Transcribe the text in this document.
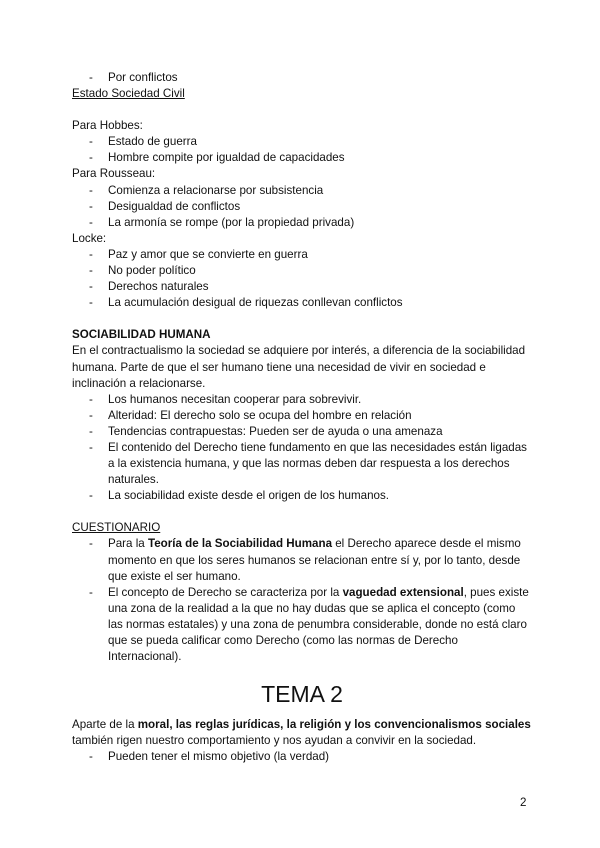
- Por conflictos

Estado Sociedad Civil

Para Hobbes:

- Estado de guerra
- Hombre compite por igualdad de capacidades

Para Rousseau:

- Comienza a relacionarse por subsistencia
- Desigualdad de conflictos
- La armonía se rompe (por la propiedad privada)

Locke:

- Paz y amor que se convierte en guerra
- No poder político
- Derechos naturales
- La acumulación desigual de riquezas conllevan conflictos

SOCIABILIDAD HUMANA

En el contractualismo la sociedad se adquiere por interés, a diferencia de la sociabilidad humana. Parte de que el ser humano tiene una necesidad de vivir en sociedad e inclinación a relacionarse.

- Los humanos necesitan cooperar para sobrevivir.
- Alteridad: El derecho solo se ocupa del hombre en relación
- Tendencias contrapuestas: Pueden ser de ayuda o una amenaza
- El contenido del Derecho tiene fundamento en que las necesidades están ligadas a la existencia humana, y que las normas deben dar respuesta a los derechos naturales.
- La sociabilidad existe desde el origen de los humanos.

CUESTIONARIO

- Para la Teoría de la Sociabilidad Humana el Derecho aparece desde el mismo momento en que los seres humanos se relacionan entre sí y, por lo tanto, desde que existe el ser humano.
- El concepto de Derecho se caracteriza por la vaguedad extensional, pues existe una zona de la realidad a la que no hay dudas que se aplica el concepto (como las normas estatales) y una zona de penumbra considerable, donde no está claro que se pueda calificar como Derecho (como las normas de Derecho Internacional).
TEMA 2

Aparte de la moral, las reglas jurídicas, la religión y los convencionalismos sociales también rigen nuestro comportamiento y nos ayudan a convivir en la sociedad.

- Pueden tener el mismo objetivo (la verdad)
2
